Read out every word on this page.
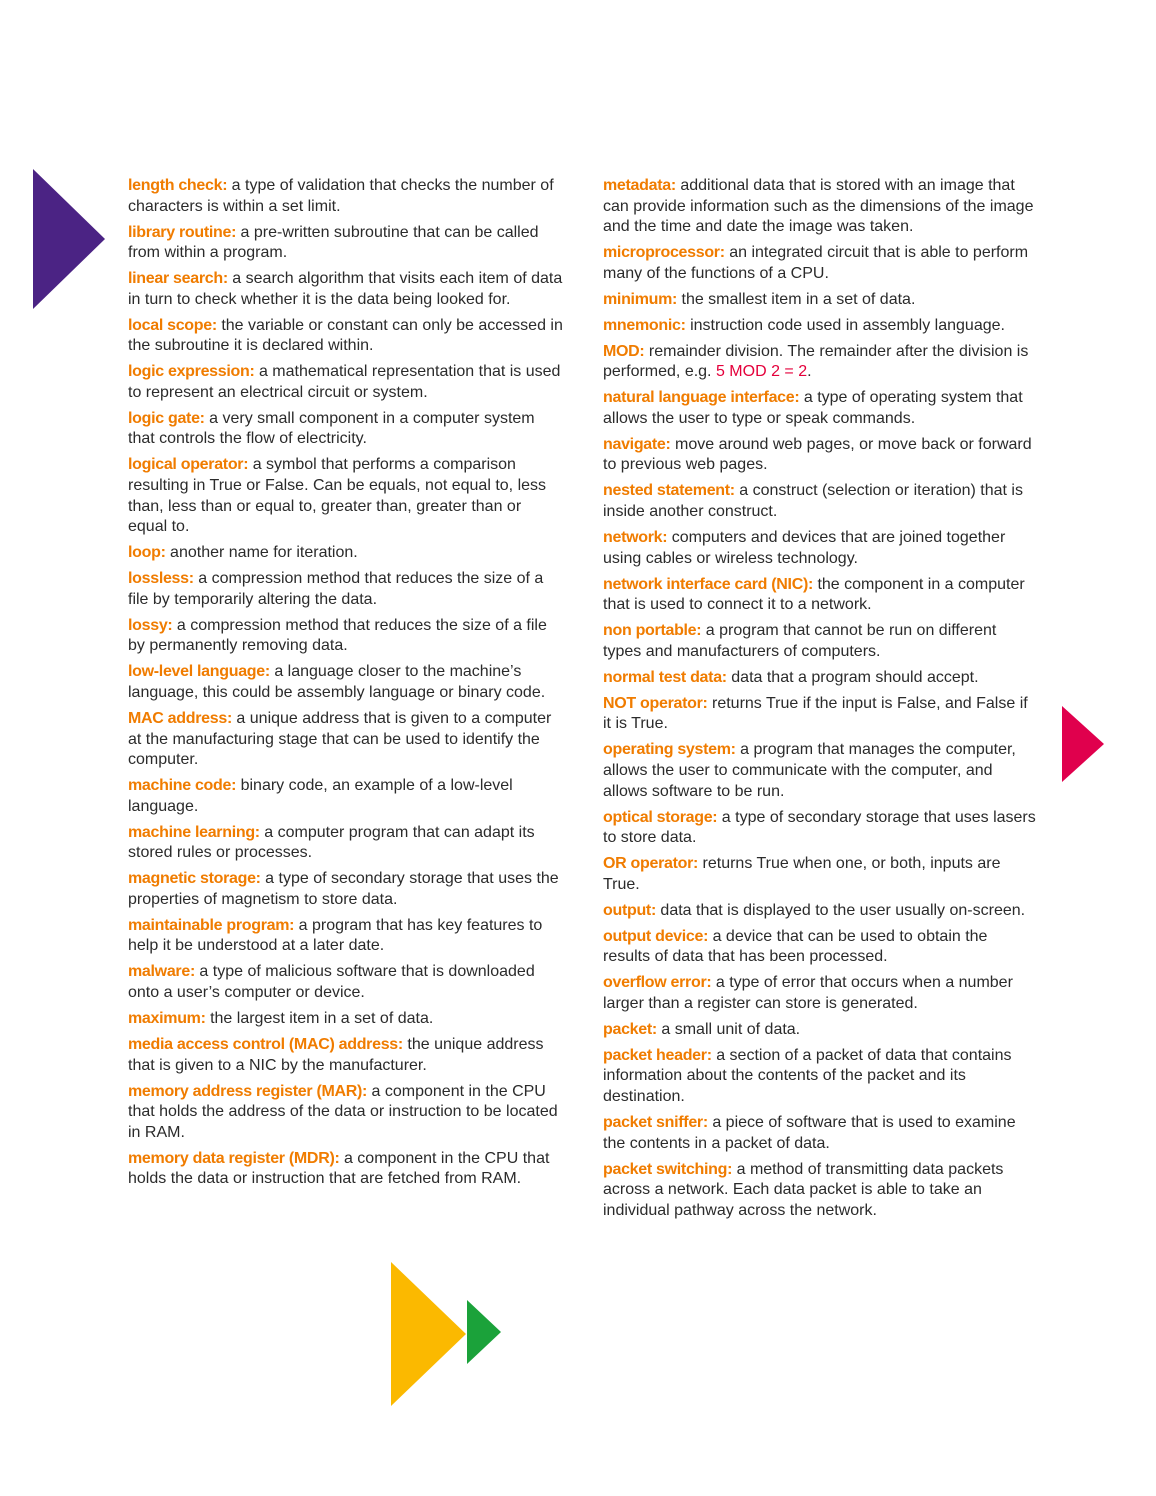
length check: a type of validation that checks the number of characters is within a set limit.

library routine: a pre-written subroutine that can be called from within a program.

linear search: a search algorithm that visits each item of data in turn to check whether it is the data being looked for.

local scope: the variable or constant can only be accessed in the subroutine it is declared within.

logic expression: a mathematical representation that is used to represent an electrical circuit or system.

logic gate: a very small component in a computer system that controls the flow of electricity.

logical operator: a symbol that performs a comparison resulting in True or False. Can be equals, not equal to, less than, less than or equal to, greater than, greater than or equal to.

loop: another name for iteration.

lossless: a compression method that reduces the size of a file by temporarily altering the data.

lossy: a compression method that reduces the size of a file by permanently removing data.

low-level language: a language closer to the machine’s language, this could be assembly language or binary code.

MAC address: a unique address that is given to a computer at the manufacturing stage that can be used to identify the computer.

machine code: binary code, an example of a low-level language.

machine learning: a computer program that can adapt its stored rules or processes.

magnetic storage: a type of secondary storage that uses the properties of magnetism to store data.

maintainable program: a program that has key features to help it be understood at a later date.

malware: a type of malicious software that is downloaded onto a user’s computer or device.

maximum: the largest item in a set of data.

media access control (MAC) address: the unique address that is given to a NIC by the manufacturer.

memory address register (MAR): a component in the CPU that holds the address of the data or instruction to be located in RAM.

memory data register (MDR): a component in the CPU that holds the data or instruction that are fetched from RAM.

metadata: additional data that is stored with an image that can provide information such as the dimensions of the image and the time and date the image was taken.

microprocessor: an integrated circuit that is able to perform many of the functions of a CPU.

minimum: the smallest item in a set of data.

mnemonic: instruction code used in assembly language.

MOD: remainder division. The remainder after the division is performed, e.g. 5 MOD 2 = 2.

natural language interface: a type of operating system that allows the user to type or speak commands.

navigate: move around web pages, or move back or forward to previous web pages.

nested statement: a construct (selection or iteration) that is inside another construct.

network: computers and devices that are joined together using cables or wireless technology.

network interface card (NIC): the component in a computer that is used to connect it to a network.

non portable: a program that cannot be run on different types and manufacturers of computers.

normal test data: data that a program should accept.

NOT operator: returns True if the input is False, and False if it is True.

operating system: a program that manages the computer, allows the user to communicate with the computer, and allows software to be run.

optical storage: a type of secondary storage that uses lasers to store data.

OR operator: returns True when one, or both, inputs are True.

output: data that is displayed to the user usually on-screen.

output device: a device that can be used to obtain the results of data that has been processed.

overflow error: a type of error that occurs when a number larger than a register can store is generated.

packet: a small unit of data.

packet header: a section of a packet of data that contains information about the contents of the packet and its destination.

packet sniffer: a piece of software that is used to examine the contents in a packet of data.

packet switching: a method of transmitting data packets across a network. Each data packet is able to take an individual pathway across the network.
